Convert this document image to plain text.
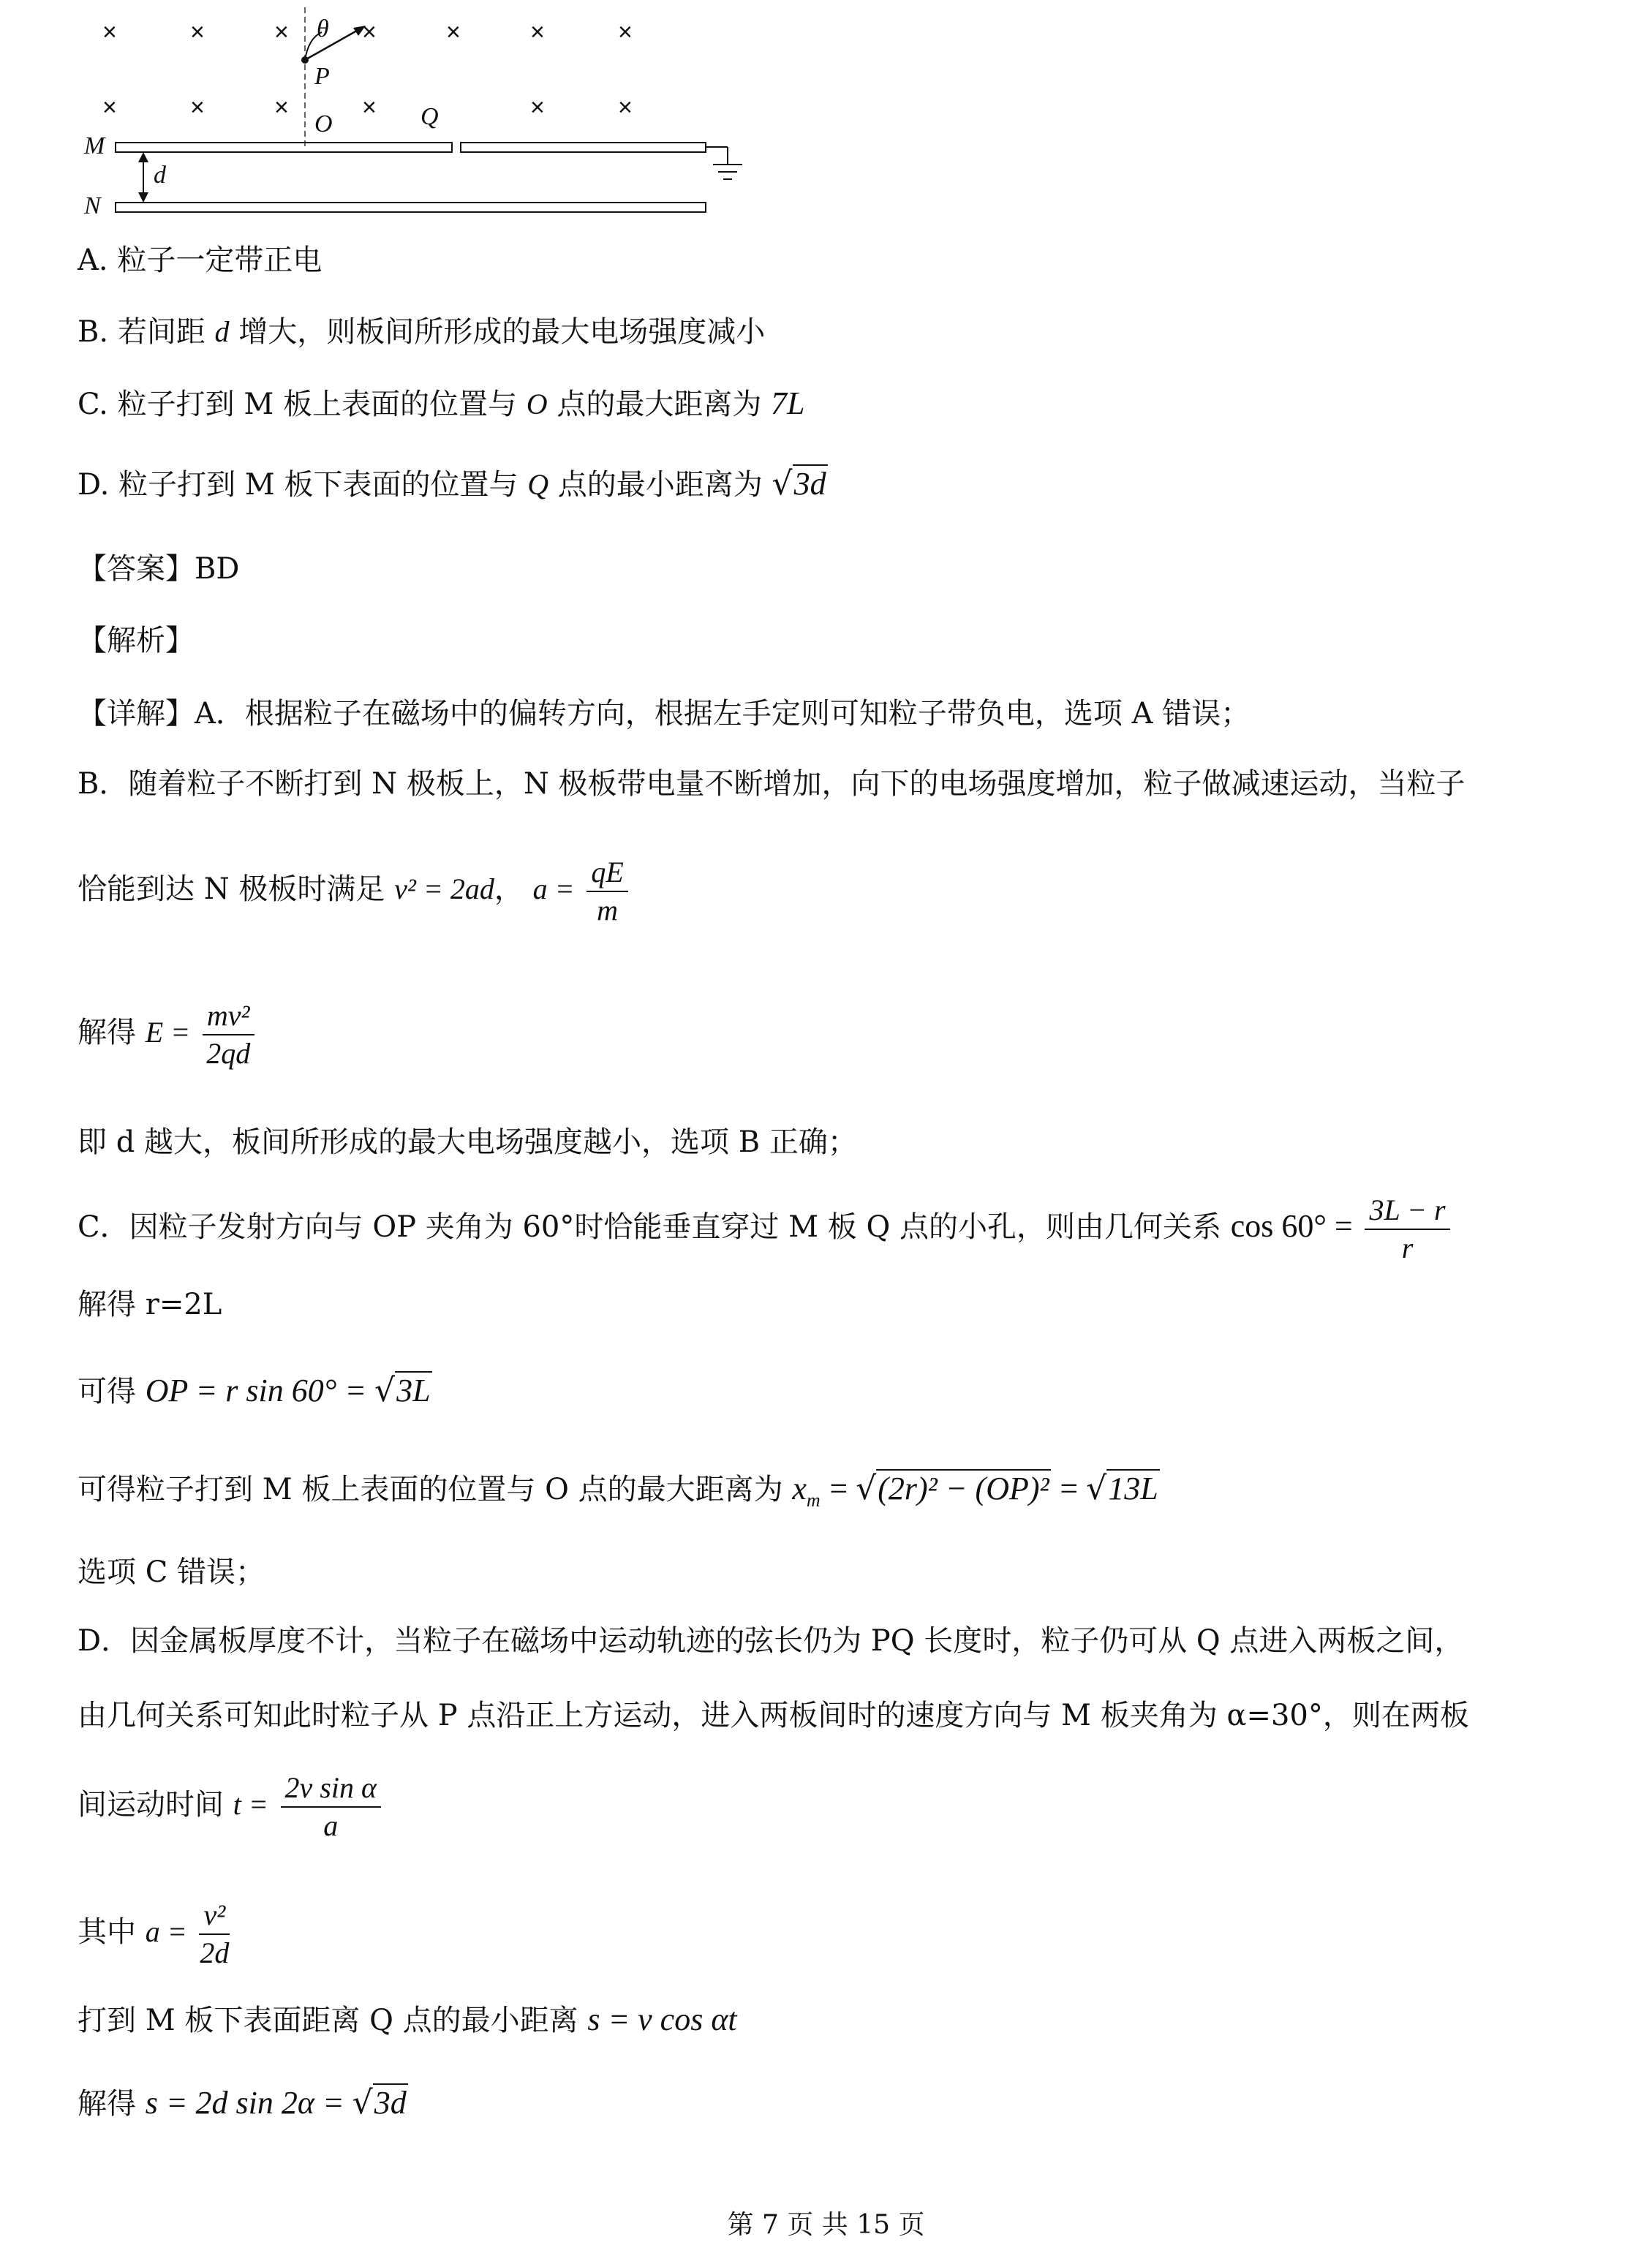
×	×	×	×	×	×	×
×	×	×	×	×	×
θ
P
O	Q
M
N
d
A. 粒子一定带正电
B. 若间距 d 增大，则板间所形成的最大电场强度减小
C. 粒子打到 M 板上表面的位置与 O 点的最大距离为 7L
D. 粒子打到 M 板下表面的位置与 Q 点的最小距离为 √3d
【答案】BD
【解析】
【详解】A．根据粒子在磁场中的偏转方向，根据左手定则可知粒子带负电，选项 A 错误；
B．随着粒子不断打到 N 极板上，N 极板带电量不断增加，向下的电场强度增加，粒子做减速运动，当粒子
恰能到达 N 极板时满足 v² = 2ad， $a = \frac{qE}{m}$
解得 $E = \frac{\text{mv²}}{2qd}$
即 d 越大，板间所形成的最大电场强度越小，选项 B 正确；
C．因粒子发射方向与 OP 夹角为 60°时恰能垂直穿过 M 板 Q 点的小孔，则由几何关系 $\cos 60^\circ = \frac{3L - r}{r}$
解得 r=2L
可得 OP = r sin 60° = √3L
可得粒子打到 M 板上表面的位置与 O 点的最大距离为 $x_m = √(2r)^2 - (OP)^2 = √13L$
选项 C 错误；
D．因金属板厚度不计，当粒子在磁场中运动轨迹的弦长仍为 PQ 长度时，粒子仍可从 Q 点进入两板之间，
由几何关系可知此时粒子从 P 点沿正上方运动，进入两板间时的速度方向与 M 板夹角为 α=30°，则在两板
间运动时间 $t = \frac{\text{2v sin α}}{a}$
其中 $a = \frac{\text{v²}}{2d}$
打到 M 板下表面距离 Q 点的最小距离 s = v cos αt
解得 s = 2d sin 2α = √3d
第 7 页 共 15 页
